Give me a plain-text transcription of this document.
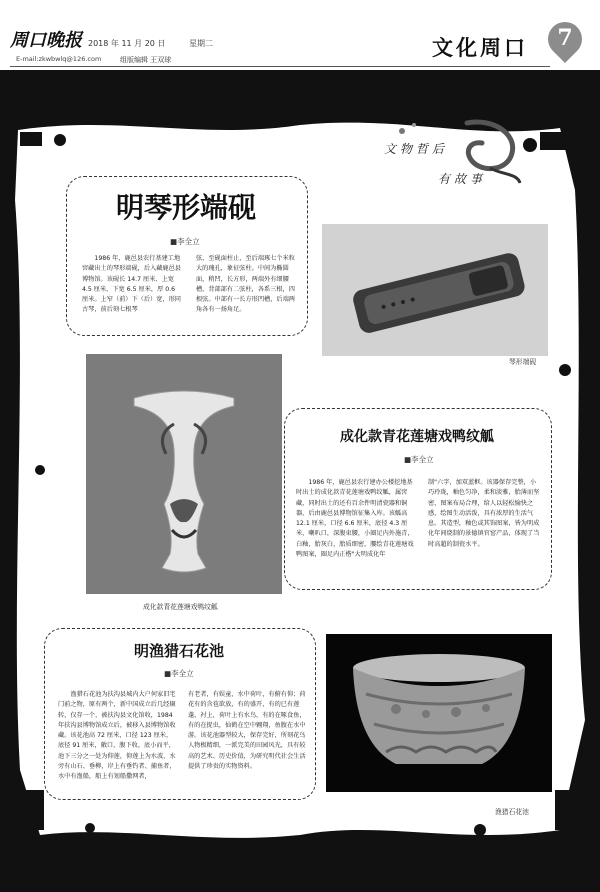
周口晚报 2018 年 11 月 20 日	星期二
E-mail:zkwbwlq@126.com	组版编辑 王双球	文化周口	7
文物哲后
有故事
明琴形端砚
■李全立
1986 年，鹿邑县农行基建工地窖藏出土的琴形端砚，后入藏鹿邑县博物馆。该砚长 14.7 厘米、上宽 4.5 厘米、下宽 6.5 厘米，厚 0.6 厘米。上窄（前）下（后）宽，形同古琴，前后刻七根琴
弦，至砚面柱止，至后端琢七个米粒大的瑰孔，象征弦柱。中间为椭圆面，稍凹，长方形，两端外有细腰槽，背部部有二弦柱，各系三根，四根弦。中部有一长方形凹槽，后端两角各有一扬角足。
琴形端砚
成化款青花莲塘戏鸭纹觚
成化款青花莲塘戏鸭纹觚
■李全立
1986 年，鹿邑县农行建办公楼挖地基时出土的成化款青花莲塘戏鸭纹觚，属窖藏，同时出土的还有百余件明清瓷器和铜器，后由鹿邑县博物馆征集入库。该觚高 12.1 厘米，口径 6.6 厘米，底径 4.3 厘米，喇叭口，深腹束腰，小圈足内外施青，白釉，胎灰白，胎质细密，腰绘青花莲塘戏鸭图案，圈足内正楷"大明成化年
制"六字，加双蓝框。该器保存完整，小巧玲珑，釉色匀净，柔和淡雅，胎薄而坚密，图案布局合理，给人以轻松愉快之感，绘图生动活泼，具有浓厚的生活气息。其造型，釉色或其饰图案，皆为明成化年间烧制的景德镇官窑产品，体现了当时高超的制瓷水平。
明渔猎石花池
■李全立
渔猎石花池为扶沟县城内大户何家旧宅门前之物，原有两个，新中国成立后几经辗转，仅存一个，被扶沟县文化馆收，1984 年扶沟县博物馆成立后，被移入县博物馆收藏。该花池高 72 厘米，口径 123 厘米，底径 91 厘米，敞口，腹下收，底小而平，池下三分之一处为仰莲，仰莲上为水波，水旁有山石、垂柳，岸上有垂钓者、捕鱼者，水中有渔船，船上有划船撒网者，
有老者，有娱童，水中荷叶，有俯有仰；荷花有的含苞欲放，有的盛开，有的已有莲蓬，衬上，荷叶上有水鸟，有的在啄食鱼，有的在捉虫，仙鹤在空中翱翔，鱼腹在水中游。该花池器型较大，保存完好，所刻花鸟人物极精细，一派完美的田园风光，具有较高的艺术、历史价值，为研究明代社会生活提供了珍贵的实物资料。
渔猎石花池
